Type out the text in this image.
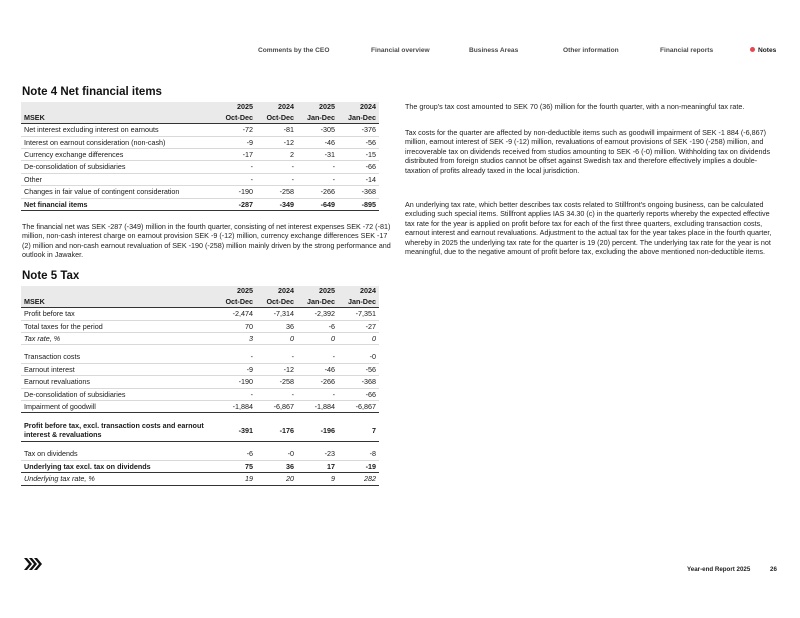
Comments by the CEO	Financial overview	Business Areas	Other information	Financial reports	Notes
Note 4 Net financial items
	2025	2024	2025	2024
MSEK	Oct-Dec	Oct-Dec	Jan-Dec	Jan-Dec
Net interest excluding interest on earnouts	-72	-81	-305	-376
Interest on earnout consideration (non-cash)	-9	-12	-46	-56
Currency exchange differences	-17	2	-31	-15
De-consolidation of subsidiaries	-	-	-	-66
Other	-	-	-	-14
Changes in fair value of contingent consideration	-190	-258	-266	-368
Net financial items	-287	-349	-649	-895

The financial net was SEK -287 (-349) million in the fourth quarter, consisting of net interest expenses SEK -72 (-81) million, non-cash interest charge on earnout provision SEK -9 (-12) million, currency exchange differences SEK -17 (2) million and non-cash earnout revaluation of SEK -190 (-258) million mainly driven by the strong performance and outlook in Jawaker.

Note 5 Tax
	2025	2024	2025	2024
MSEK	Oct-Dec	Oct-Dec	Jan-Dec	Jan-Dec
Profit before tax	-2,474	-7,314	-2,392	-7,351
Total taxes for the period	70	36	-6	-27
Tax rate, %	3	0	0	0

Transaction costs	-	-	-	-0
Earnout interest	-9	-12	-46	-56
Earnout revaluations	-190	-258	-266	-368
De-consolidation of subsidiaries	-	-	-	-66
Impairment of goodwill	-1,884	-6,867	-1,884	-6,867

Profit before tax, excl. transaction costs and earnout interest & revaluations	-391	-176	-196	7

Tax on dividends	-6	-0	-23	-8
Underlying tax excl. tax on dividends	75	36	17	-19
Underlying tax rate, %	19	20	9	282

The group's tax cost amounted to SEK 70 (36) million for the fourth quarter, with a non-meaningful tax rate.

Tax costs for the quarter are affected by non-deductible items such as goodwill impairment of SEK -1 884 (-6,867) million, earnout interest of SEK -9 (-12) million, revaluations of earnout provisions of SEK -190 (-258) million, and irrecoverable tax on dividends received from studios amounting to SEK -6 (-0) million. Withholding tax on dividends distributed from foreign studios cannot be offset against Swedish tax and therefore effectively implies a double-taxation of profits already taxed in the local jurisdiction.

An underlying tax rate, which better describes tax costs related to Stillfront's ongoing business, can be calculated excluding such special items. Stillfront applies IAS 34.30 (c) in the quarterly reports whereby the expected effective tax rate for the year is applied on profit before tax for each of the first three quarters, excluding transaction costs, earnout interest and earnout revaluations. Adjustment to the actual tax for the year takes place in the fourth quarter, whereby in 2025 the underlying tax rate for the quarter is 19 (20) percent. The underlying tax rate for the year is not meaningful, due to the negative amount of profit before tax, excluding the above mentioned non-deductible items.

Year-end Report 2025	26
